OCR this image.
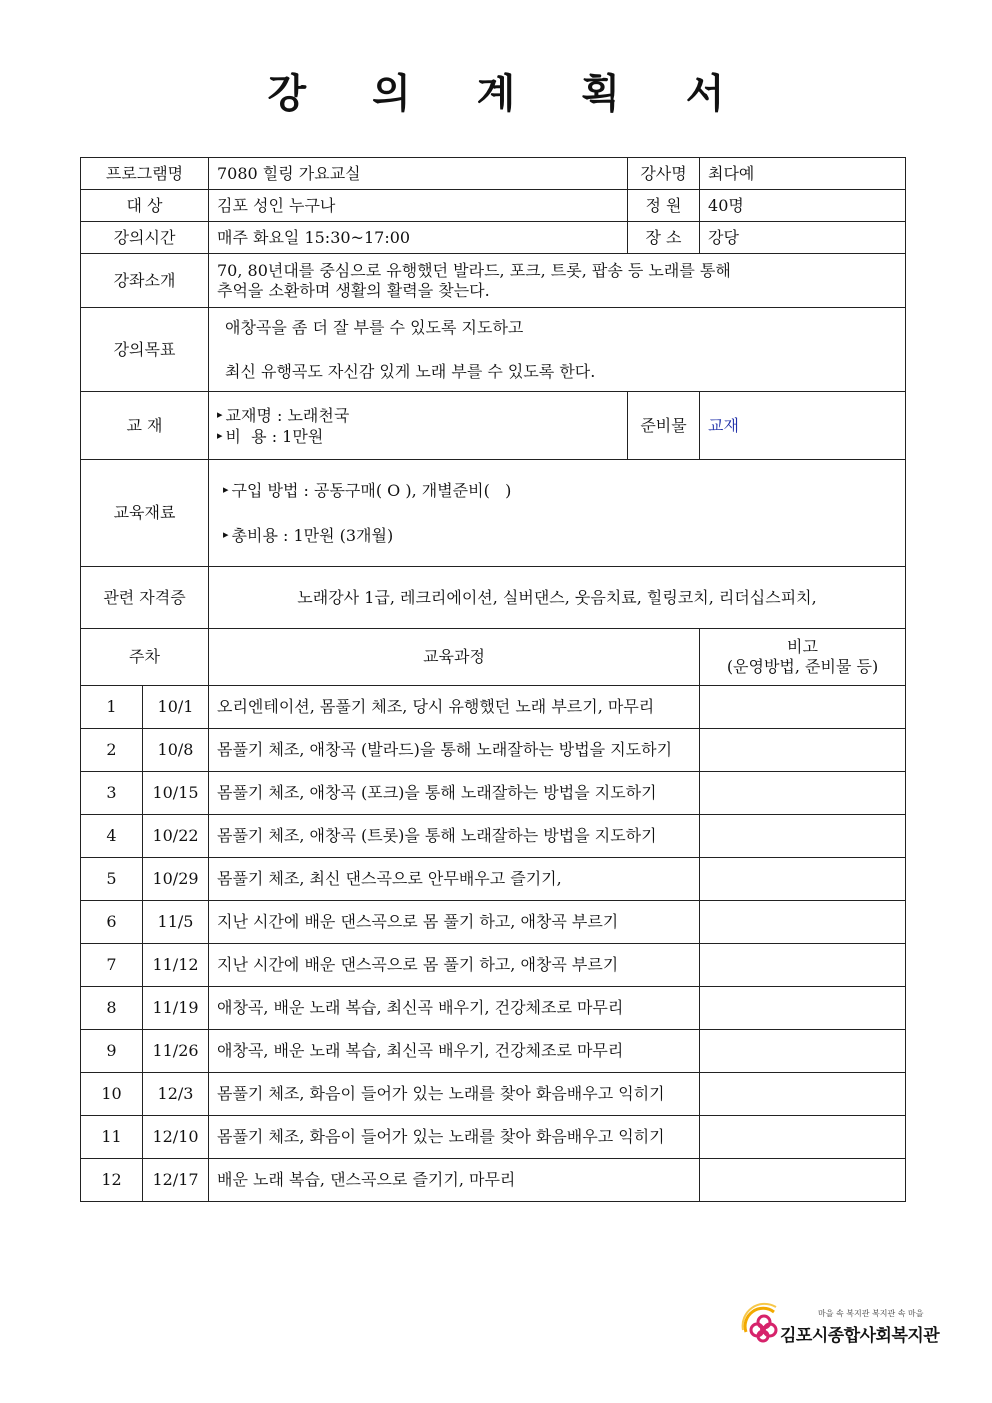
강 의 계 획 서
프로그램명		7080 힐링 가요교실	강사명	최다예
대 상		김포 성인 누구나	정 원	40명
강의시간		매주 화요일 15:30~17:00	장 소	강당
강좌소개		70, 80년대를 중심으로 유행했던 발라드, 포크, 트롯, 팝송 등 노래를 통해
추억을 소환하며 생활의 활력을 찾는다.		

강의목표		애창곡을 좀 더 잘 부를 수 있도록 지도하고
최신 유행곡도 자신감 있게 노래 부를 수 있도록 한다.		

교 재		▸ 교재명 : 노래천국
▸ 비  용 : 1만원	준비물	교재
교육재료		▸ 구입 방법 : 공동구매( O ), 개별준비(   )
▸ 총비용 : 1만원 (3개월)		

관련 자격증		노래강사 1급, 레크리에이션, 실버댄스, 웃음치료, 힐링코치, 리더십스피치,		
주차		교육과정		비고
(운영방법, 준비물 등)

1	10/1	오리엔테이션, 몸풀기 체조, 당시 유행했던 노래 부르기, 마무리		
2	10/8	몸풀기 체조, 애창곡 (발라드)을 통해 노래잘하는 방법을 지도하기		
3	10/15	몸풀기 체조, 애창곡 (포크)을 통해 노래잘하는 방법을 지도하기		
4	10/22	몸풀기 체조, 애창곡 (트롯)을 통해 노래잘하는 방법을 지도하기		
5	10/29	몸풀기 체조, 최신 댄스곡으로 안무배우고 즐기기,		
6	11/5	지난 시간에 배운 댄스곡으로 몸 풀기 하고, 애창곡 부르기		
7	11/12	지난 시간에 배운 댄스곡으로 몸 풀기 하고, 애창곡 부르기		
8	11/19	애창곡, 배운 노래 복습, 최신곡 배우기, 건강체조로 마무리		
9	11/26	애창곡, 배운 노래 복습, 최신곡 배우기, 건강체조로 마무리		
10	12/3	몸풀기 체조, 화음이 들어가 있는 노래를 찾아 화음배우고 익히기		
11	12/10	몸풀기 체조, 화음이 들어가 있는 노래를 찾아 화음배우고 익히기		
12	12/17	배운 노래 복습, 댄스곡으로 즐기기, 마무리		
마을 속 복지관 복지관 속 마을
김포시종합사회복지관
